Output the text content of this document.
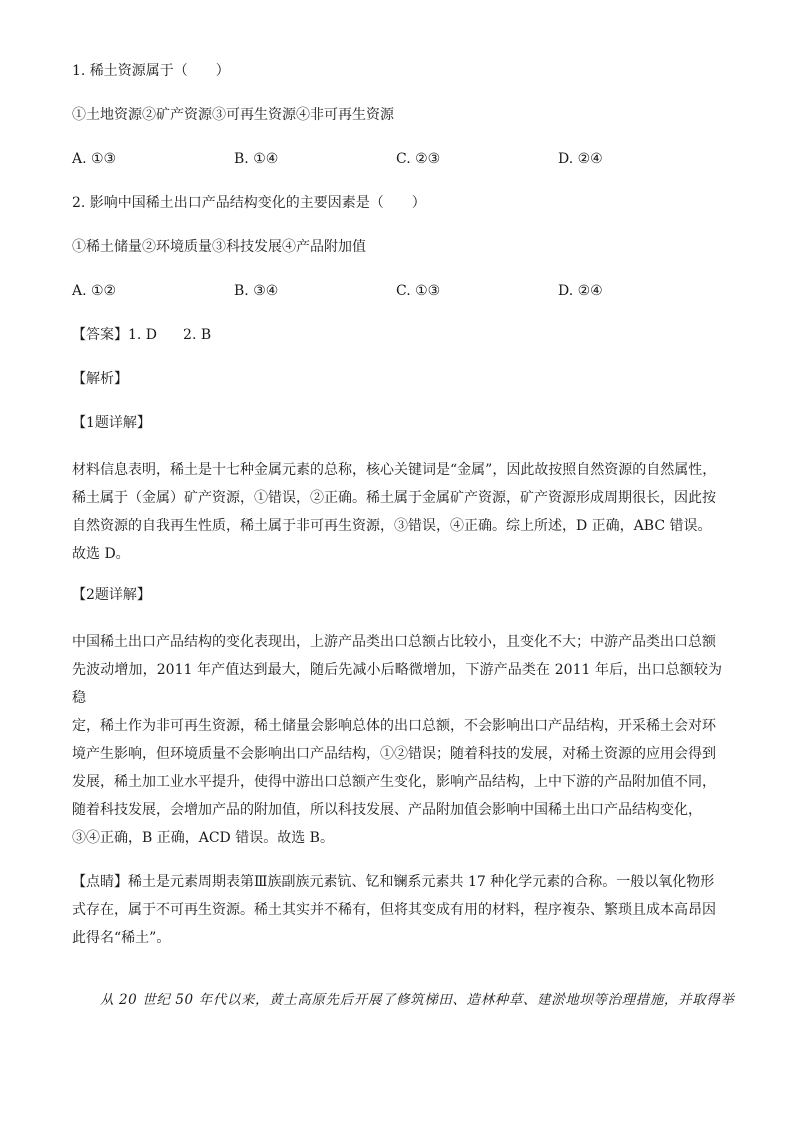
1. 稀土资源属于（　　）
①土地资源②矿产资源③可再生资源④非可再生资源
A. ①③	B. ①④	C. ②③	D. ②④
2. 影响中国稀土出口产品结构变化的主要因素是（　　）
①稀土储量②环境质量③科技发展④产品附加值
A. ①②	B. ③④	C. ①③	D. ②④
【答案】1. D 2. B
【解析】
【1题详解】
材料信息表明，稀土是十七种金属元素的总称，核心关键词是“金属”，因此故按照自然资源的自然属性，
稀土属于（金属）矿产资源，①错误，②正确。稀土属于金属矿产资源，矿产资源形成周期很长，因此按
自然资源的自我再生性质，稀土属于非可再生资源，③错误，④正确。综上所述，D 正确，ABC 错误。
故选 D。
【2题详解】
中国稀土出口产品结构的变化表现出，上游产品类出口总额占比较小，且变化不大；中游产品类出口总额
先波动增加，2011 年产值达到最大，随后先减小后略微增加，下游产品类在 2011 年后，出口总额较为稳
定，稀土作为非可再生资源，稀土储量会影响总体的出口总额，不会影响出口产品结构，开采稀土会对环
境产生影响，但环境质量不会影响出口产品结构，①②错误；随着科技的发展，对稀土资源的应用会得到
发展，稀土加工业水平提升，使得中游出口总额产生变化，影响产品结构，上中下游的产品附加值不同，
随着科技发展，会增加产品的附加值，所以科技发展、产品附加值会影响中国稀土出口产品结构变化，
③④正确，B 正确，ACD 错误。故选 B。
【点睛】稀土是元素周期表第Ⅲ族副族元素钪、钇和镧系元素共 17 种化学元素的合称。一般以氧化物形
式存在，属于不可再生资源。稀土其实并不稀有，但将其变成有用的材料，程序複杂、繁琐且成本高昂因
此得名“稀土”。
从 20 世纪 50 年代以来，黄土高原先后开展了修筑梯田、造林种草、建淤地坝等治理措施，并取得举
